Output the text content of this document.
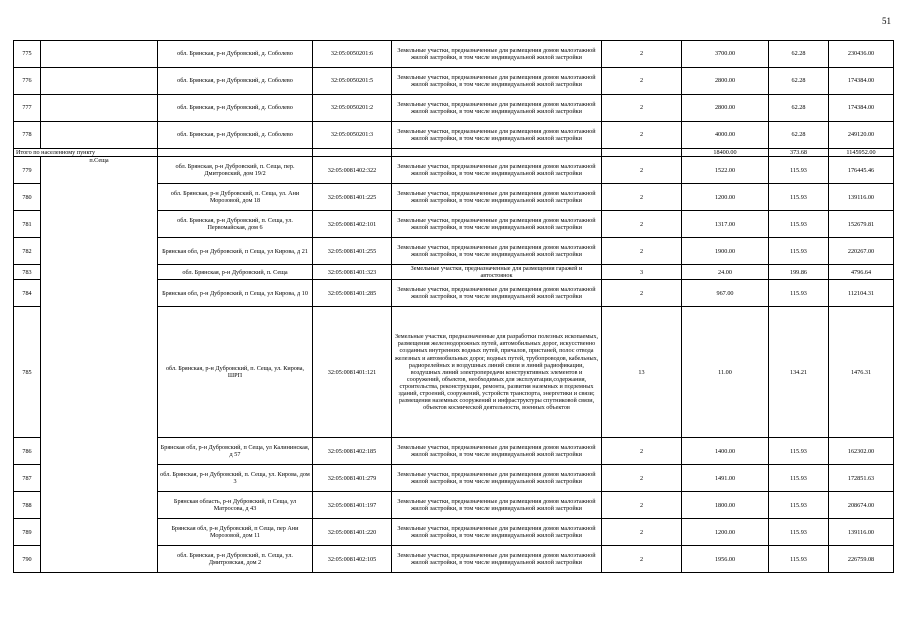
51
775		обл. Брянская, р-н Дубровский, д. Соболево	32:05:0050201:6	Земельные участки, предназначенные для размещения домов малоэтажной жилой застройки, в том числе индивидуальной жилой застройки	2	3700.00	62.28	230436.00
776		обл. Брянская, р-н Дубровский, д. Соболево	32:05:0050201:5	Земельные участки, предназначенные для размещения домов малоэтажной жилой застройки, в том числе индивидуальной жилой застройки	2	2800.00	62.28	174384.00
777		обл. Брянская, р-н Дубровский, д. Соболево	32:05:0050201:2	Земельные участки, предназначенные для размещения домов малоэтажной жилой застройки, в том числе индивидуальной жилой застройки	2	2800.00	62.28	174384.00
778		обл. Брянская, р-н Дубровский, д. Соболево	32:05:0050201:3	Земельные участки, предназначенные для размещения домов малоэтажной жилой застройки, в том числе индивидуальной жилой застройки	2	4000.00	62.28	249120.00
Итого по населенному пункту						18400.00	373.68	1145952.00
779	п.Сеща	обл. Брянская, р-н Дубровский, п. Сеща, пер. Дмитровский, дом 19/2	32:05:0081402:322	Земельные участки, предназначенные для размещения домов малоэтажной жилой застройки, в том числе индивидуальной жилой застройки	2	1522.00	115.93	176445.46
780		обл. Брянская, р-н Дубровский, п. Сеща, ул. Ани Морозовой, дом 18	32:05:0081401:225	Земельные участки, предназначенные для размещения домов малоэтажной жилой застройки, в том числе индивидуальной жилой застройки	2	1200.00	115.93	139116.00
781		обл. Брянская, р-н Дубровский, п. Сеща, ул. Первомайская, дом 6	32:05:0081402:101	Земельные участки, предназначенные для размещения домов малоэтажной жилой застройки, в том числе индивидуальной жилой застройки	2	1317.00	115.93	152679.81
782		Брянская обл, р-н Дубровский, п Сеща, ул Кирова, д 21	32:05:0081401:255	Земельные участки, предназначенные для размещения домов малоэтажной жилой застройки, в том числе индивидуальной жилой застройки	2	1900.00	115.93	220267.00
783		обл. Брянская, р-н Дубровский, п. Сеща	32:05:0081401:323	Земельные участки, предназначенные для размещения гаражей и автостоянок	3	24.00	199.86	4796.64
784		Брянская обл, р-н Дубровский, п Сеща, ул Кирова, д 10	32:05:0081401:285	Земельные участки, предназначенные для размещения домов малоэтажной жилой застройки, в том числе индивидуальной жилой застройки	2	967.00	115.93	112104.31
785		обл. Брянская, р-н Дубровский, п. Сеща, ул. Кирова, ШРП	32:05:0081401:121	Земельные участки, предназначенные для разработки полезных ископаемых, размещения железнодорожных путей, автомобильных дорог, искусственно созданных внутренних водных путей, причалов, пристаней, полос отвода железных и автомобильных дорог, водных путей, трубопроводов, кабельных, радиорелейных и воздушных линий связи и линий радиофикации, воздушных линий электропередачи конструктивных элементов и сооружений, объектов, необходимых для эксплуатации,содержания, строительства, реконструкции, ремонта, развития наземных и подземных зданий, строений, сооружений, устройств транспорта, энергетики и связи; размещения наземных сооружений и инфраструктуры спутниковой связи, объектов космической деятельности, военных объектов	13	11.00	134.21	1476.31
786		Брянская обл, р-н Дубровский, п Сеща, ул Калининская, д 57	32:05:0081402:185	Земельные участки, предназначенные для размещения домов малоэтажной жилой застройки, в том числе индивидуальной жилой застройки	2	1400.00	115.93	162302.00
787		обл. Брянская, р-н Дубровский, п. Сеща, ул. Кирова, дом 3	32:05:0081401:279	Земельные участки, предназначенные для размещения домов малоэтажной жилой застройки, в том числе индивидуальной жилой застройки	2	1491.00	115.93	172851.63
788		Брянская область, р-н Дубровский, п Сеща, ул Матросова, д 43	32:05:0081401:197	Земельные участки, предназначенные для размещения домов малоэтажной жилой застройки, в том числе индивидуальной жилой застройки	2	1800.00	115.93	208674.00
789		Брянская обл, р-н Дубровский, п Сеща, пер Ани Морозовой, дом 11	32:05:0081401:220	Земельные участки, предназначенные для размещения домов малоэтажной жилой застройки, в том числе индивидуальной жилой застройки	2	1200.00	115.93	139116.00
790		обл. Брянская, р-н Дубровский, п. Сеща, ул. Дмитровская, дом 2	32:05:0081402:105	Земельные участки, предназначенные для размещения домов малоэтажной жилой застройки, в том числе индивидуальной жилой застройки	2	1956.00	115.93	226759.08
